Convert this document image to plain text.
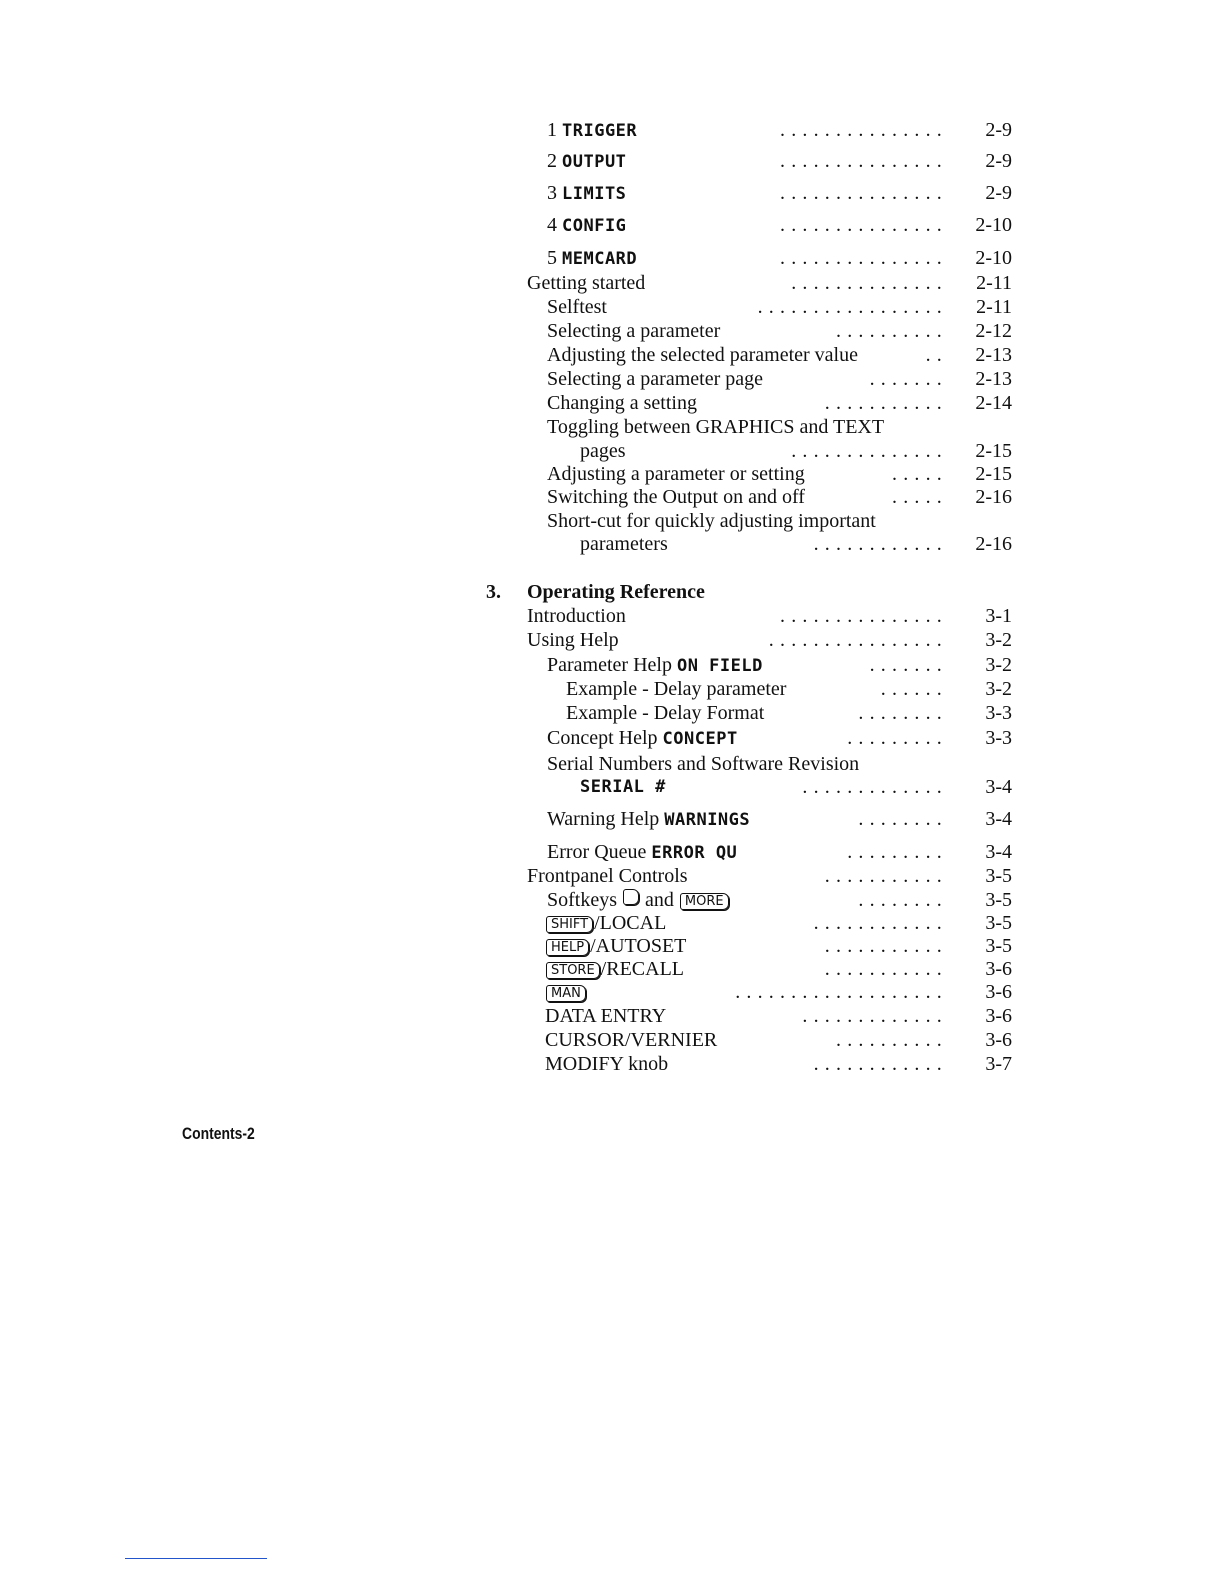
1 TRIGGER	...............	2-9
2 OUTPUT	...............	2-9
3 LIMITS	...............	2-9
4 CONFIG	...............	2-10
5 MEMCARD	...............	2-10
Getting started	..............	2-11
Selftest	.................	2-11
Selecting a parameter	..........	2-12
Adjusting the selected parameter value	..	2-13
Selecting a parameter page	.......	2-13
Changing a setting	...........	2-14
Toggling between GRAPHICS and TEXT
pages	..............	2-15
Adjusting a parameter or setting	.....	2-15
Switching the Output on and off	.....	2-16
Short-cut for quickly adjusting important
parameters	............	2-16
3. Operating Reference
Introduction	...............	3-1
Using Help	................	3-2
Parameter Help ON FIELD	.......	3-2
Example - Delay parameter	......	3-2
Example - Delay Format	........	3-3
Concept Help CONCEPT	.........	3-3
Serial Numbers and Software Revision
SERIAL #	.............	3-4
Warning Help WARNINGS	........	3-4
Error Queue ERROR QU	.........	3-4
Frontpanel Controls	...........	3-5
Softkeys and MORE	........	3-5
SHIFT /LOCAL	............	3-5
HELP /AUTOSET	...........	3-5
STORE /RECALL	...........	3-6
MAN	...................	3-6
DATA ENTRY	.............	3-6
CURSOR/VERNIER	..........	3-6
MODIFY knob	............	3-7
Contents-2
